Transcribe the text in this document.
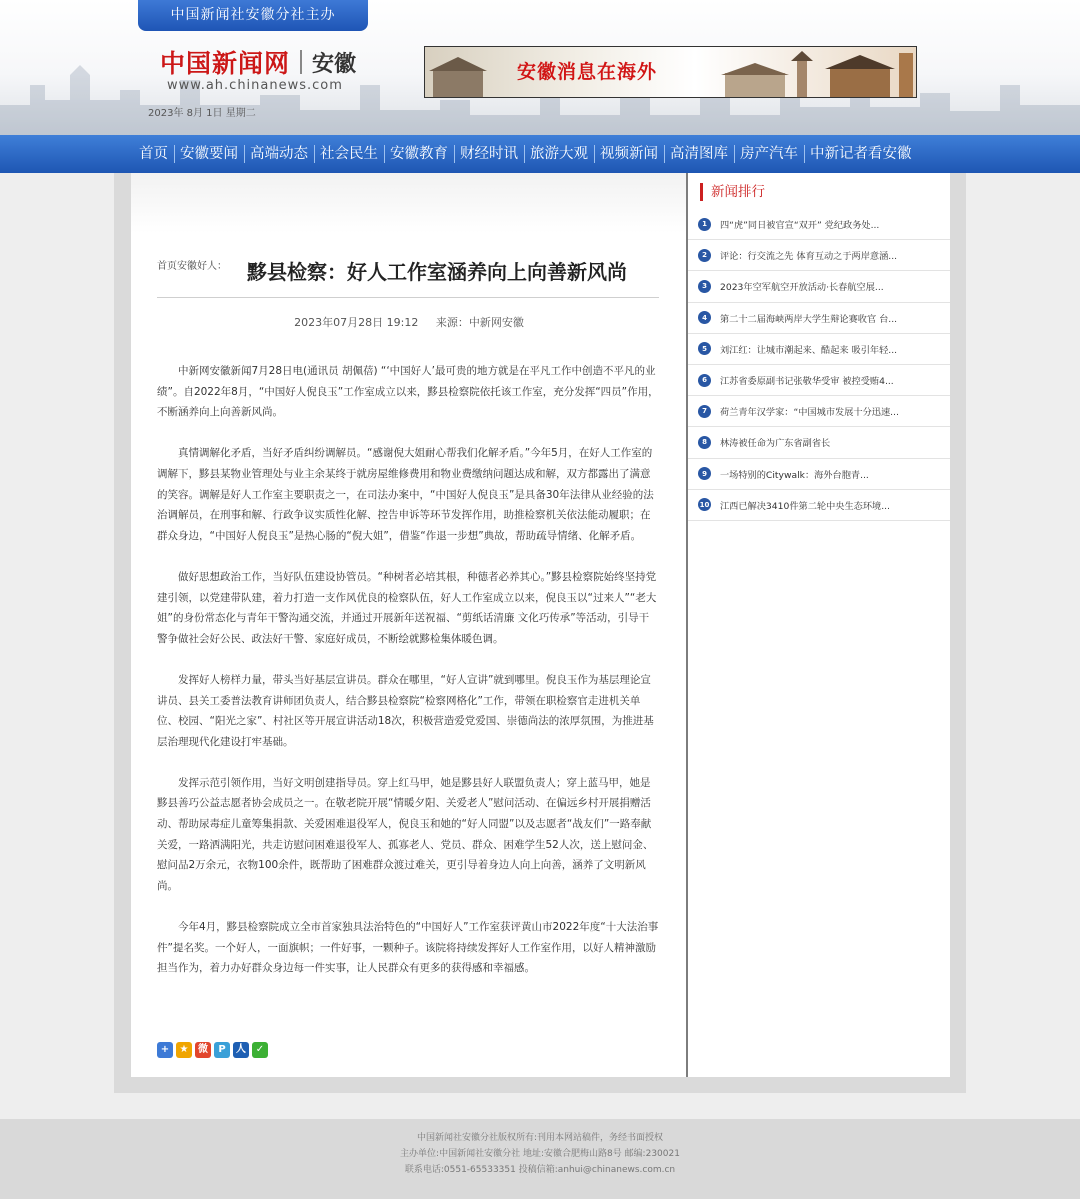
中国新闻社安徽分社主办
中国新闻网 安徽
www.ah.chinanews.com
2023年 8月 1日 星期二
安徽消息在海外
首页 安徽要闻 高端动态 社会民生 安徽教育 财经时讯 旅游大观 视频新闻 高清图库 房产汽车 中新记者看安徽
首页安徽好人： 黟县检察：好人工作室涵养向上向善新风尚
2023年07月28日 19:12 来源：中新网安徽

中新网安徽新闻7月28日电(通讯员 胡佩蓓) “‘中国好人’最可贵的地方就是在平凡工作中创造不平凡的业绩”。自2022年8月，“中国好人倪良玉”工作室成立以来，黟县检察院依托该工作室，充分发挥“四员”作用，不断涵养向上向善新风尚。

真情调解化矛盾，当好矛盾纠纷调解员。“感谢倪大姐耐心帮我们化解矛盾。”今年5月，在好人工作室的调解下，黟县某物业管理处与业主余某终于就房屋维修费用和物业费缴纳问题达成和解，双方都露出了满意的笑容。调解是好人工作室主要职责之一，在司法办案中，“中国好人倪良玉”是具备30年法律从业经验的法治调解员，在刑事和解、行政争议实质性化解、控告申诉等环节发挥作用，助推检察机关依法能动履职；在群众身边，“中国好人倪良玉”是热心肠的“倪大姐”，借鉴“作退一步想”典故，帮助疏导情绪、化解矛盾。

做好思想政治工作，当好队伍建设协管员。“种树者必培其根，种德者必养其心。”黟县检察院始终坚持党建引领，以党建带队建，着力打造一支作风优良的检察队伍，好人工作室成立以来，倪良玉以“过来人”“老大姐”的身份常态化与青年干警沟通交流，并通过开展新年送祝福、“剪纸话清廉 文化巧传承”等活动，引导干警争做社会好公民、政法好干警、家庭好成员，不断绘就黟检集体暖色调。

发挥好人榜样力量，带头当好基层宣讲员。群众在哪里，“好人宣讲”就到哪里。倪良玉作为基层理论宣讲员、县关工委普法教育讲师团负责人，结合黟县检察院“检察网格化”工作，带领在职检察官走进机关单位、校园、“阳光之家”、村社区等开展宣讲活动18次，积极营造爱党爱国、崇德尚法的浓厚氛围，为推进基层治理现代化建设打牢基础。

发挥示范引领作用，当好文明创建指导员。穿上红马甲，她是黟县好人联盟负责人；穿上蓝马甲，她是黟县善巧公益志愿者协会成员之一。在敬老院开展“情暖夕阳、关爱老人”慰问活动、在偏远乡村开展捐赠活动、帮助尿毒症儿童筹集捐款、关爱困难退役军人，倪良玉和她的“好人同盟”以及志愿者“战友们”一路奉献关爱，一路洒满阳光，共走访慰问困难退役军人、孤寡老人、党员、群众、困难学生52人次，送上慰问金、慰问品2万余元，衣物100余件，既帮助了困难群众渡过难关，更引导着身边人向上向善，涵养了文明新风尚。

今年4月，黟县检察院成立全市首家独具法治特色的“中国好人”工作室获评黄山市2022年度“十大法治事件”提名奖。一个好人，一面旗帜；一件好事，一颗种子。该院将持续发挥好人工作室作用，以好人精神激励担当作为，着力办好群众身边每一件实事，让人民群众有更多的获得感和幸福感。

+	★ 微	P	人 ✓
新闻排行
1	四“虎”同日被官宣“双开” 党纪政务处...
2	评论：行交流之先 体育互动之于两岸意涵...
3	2023年空军航空开放活动·长春航空展...
4	第二十二届海峡两岸大学生辩论赛收官 台...
5	刘江红：让城市潮起来、酷起来 吸引年轻...
6	江苏省委原副书记张敬华受审 被控受贿4...
7	荷兰青年汉学家：“中国城市发展十分迅速...
8	林涛被任命为广东省副省长
9	一场特别的Citywalk：海外台胞青...
10 江西已解决3410件第二轮中央生态环境...
中国新闻社安徽分社版权所有:刊用本网站稿件，务经书面授权
主办单位:中国新闻社安徽分社 地址:安徽合肥梅山路8号 邮编:230021
联系电话:0551-65533351 投稿信箱:anhui@chinanews.com.cn
